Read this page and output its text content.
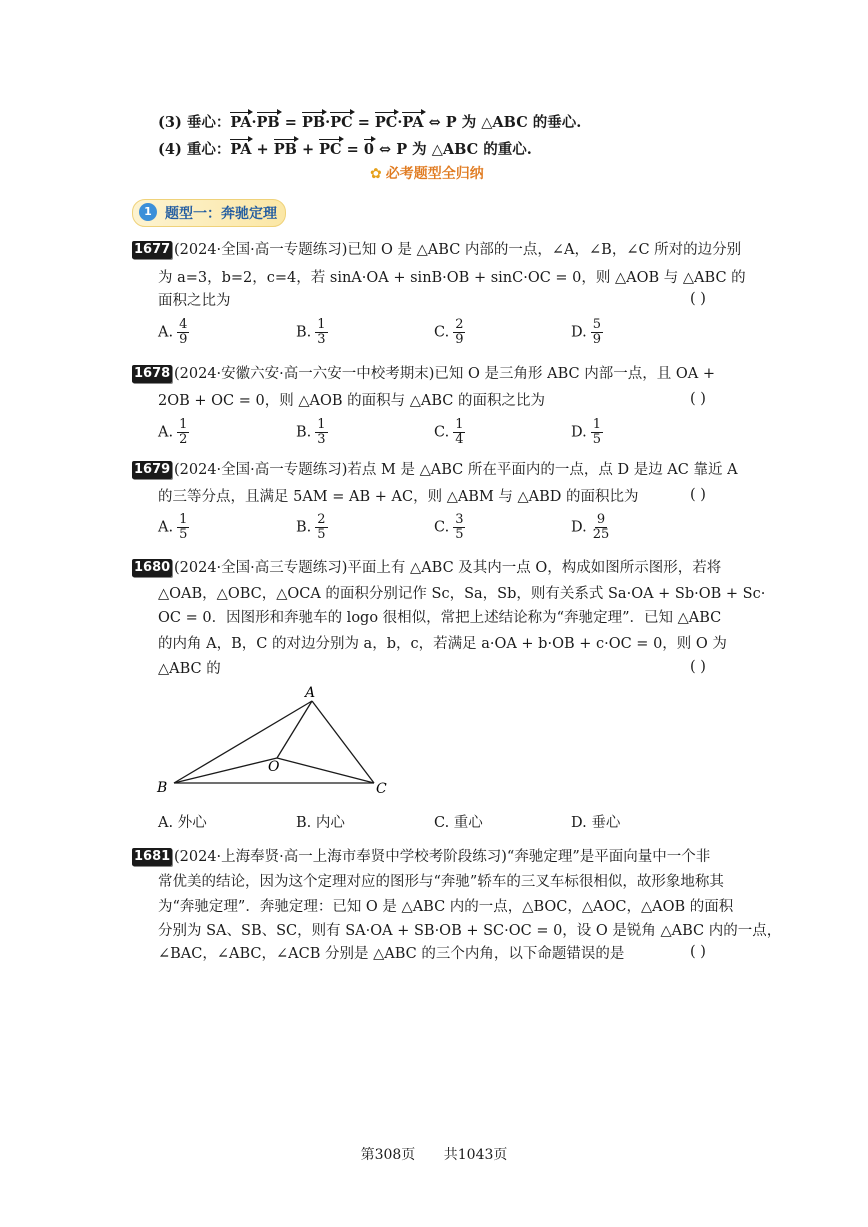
(3) 垂心：PA·PB = PB·PC = PC·PA ⇔ P 为 △ABC 的垂心.
(4) 重心：PA + PB + PC = 0 ⇔ P 为 △ABC 的重心.
✿ 必考题型全归纳
1 题型一：奔驰定理
1677 (2024·全国·高一专题练习)已知 O 是 △ABC 内部的一点，∠A，∠B，∠C 所对的边分别
为 a=3，b=2，c=4，若 sinA·OA + sinB·OB + sinC·OC = 0，则 △AOB 与 △ABC 的
面积之比为	( )
A. $\frac{4}{9}$	B. $\frac{1}{3}$	C. $\frac{2}{9}$	D. $\frac{5}{9}$
1678 (2024·安徽六安·高一六安一中校考期末)已知 O 是三角形 ABC 内部一点，且 OA +
2OB + OC = 0，则 △AOB 的面积与 △ABC 的面积之比为	( )
A. $\frac{1}{2}$	B. $\frac{1}{3}$	C. $\frac{1}{4}$	D. $\frac{1}{5}$
1679 (2024·全国·高一专题练习)若点 M 是 △ABC 所在平面内的一点，点 D 是边 AC 靠近 A
的三等分点，且满足 5AM = AB + AC，则 △ABM 与 △ABD 的面积比为	( )
A. $\frac{1}{5}$	B. $\frac{2}{5}$	C. $\frac{3}{5}$	D. $\frac{9}{25}$
1680 (2024·全国·高三专题练习)平面上有 △ABC 及其内一点 O，构成如图所示图形，若将
△OAB，△OBC，△OCA 的面积分别记作 Sc，Sa，Sb，则有关系式 Sa·OA + Sb·OB + Sc·
OC = 0．因图形和奔驰车的 logo 很相似，常把上述结论称为“奔驰定理”．已知 △ABC
的内角 A，B，C 的对边分别为 a，b，c，若满足 a·OA + b·OB + c·OC = 0，则 O 为
△ABC 的	( )
A
B	C
O
A. 外心	B. 内心	C. 重心	D. 垂心
1681 (2024·上海奉贤·高一上海市奉贤中学校考阶段练习)“奔驰定理”是平面向量中一个非
常优美的结论，因为这个定理对应的图形与“奔驰”轿车的三叉车标很相似，故形象地称其
为“奔驰定理”．奔驰定理：已知 O 是 △ABC 内的一点，△BOC，△AOC，△AOB 的面积
分别为 SA、SB、SC，则有 SA·OA + SB·OB + SC·OC = 0，设 O 是锐角 △ABC 内的一点，
∠BAC，∠ABC，∠ACB 分别是 △ABC 的三个内角，以下命题错误的是	( )
第308页 共1043页
